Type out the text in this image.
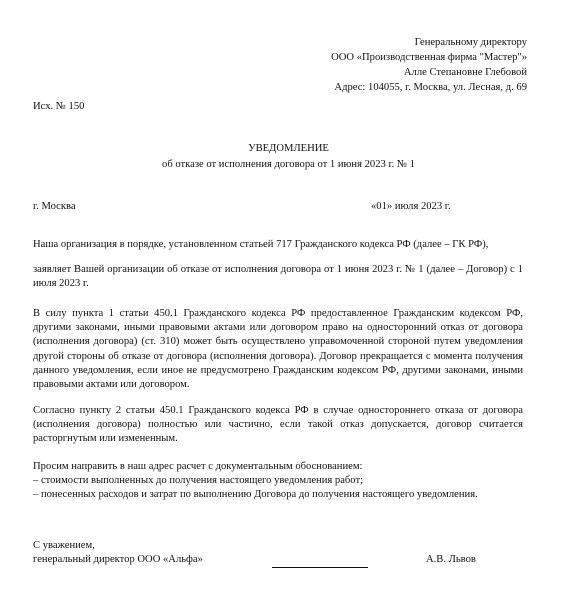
Генеральному директору
ООО «Производственная фирма "Мастер"»
Алле Степановне Глебовой
Адрес: 104055, г. Москва, ул. Лесная, д. 69
Исх. № 150
УВЕДОМЛЕНИЕ
об отказе от исполнения договора от 1 июня 2023 г. № 1
г. Москва	«01» июля 2023 г.
Наша организация в порядке, установленном статьей 717 Гражданского кодекса РФ (далее – ГК РФ),
заявляет Вашей организации об отказе от исполнения договора от 1 июня 2023 г. № 1 (далее – Договор) с 1 июля 2023 г.
В силу пункта 1 статьи 450.1 Гражданского кодекса РФ предоставленное Гражданским кодексом РФ, другими законами, иными правовыми актами или договором право на односторонний отказ от договора (исполнения договора) (ст. 310) может быть осуществлено управомоченной стороной путем уведомления другой стороны об отказе от договора (исполнения договора). Договор прекращается с момента получения данного уведомления, если иное не предусмотрено Гражданским кодексом РФ, другими законами, иными правовыми актами или договором.
Согласно пункту 2 статьи 450.1 Гражданского кодекса РФ в случае одностороннего отказа от договора (исполнения договора) полностью или частично, если такой отказ допускается, договор считается расторгнутым или измененным.
Просим направить в наш адрес расчет с документальным обоснованием:
– стоимости выполненных до получения настоящего уведомления работ;
– понесенных расходов и затрат по выполнению Договора до получения настоящего уведомления.
С уважением,
генеральный директор ООО «Альфа»	А.В. Львов
